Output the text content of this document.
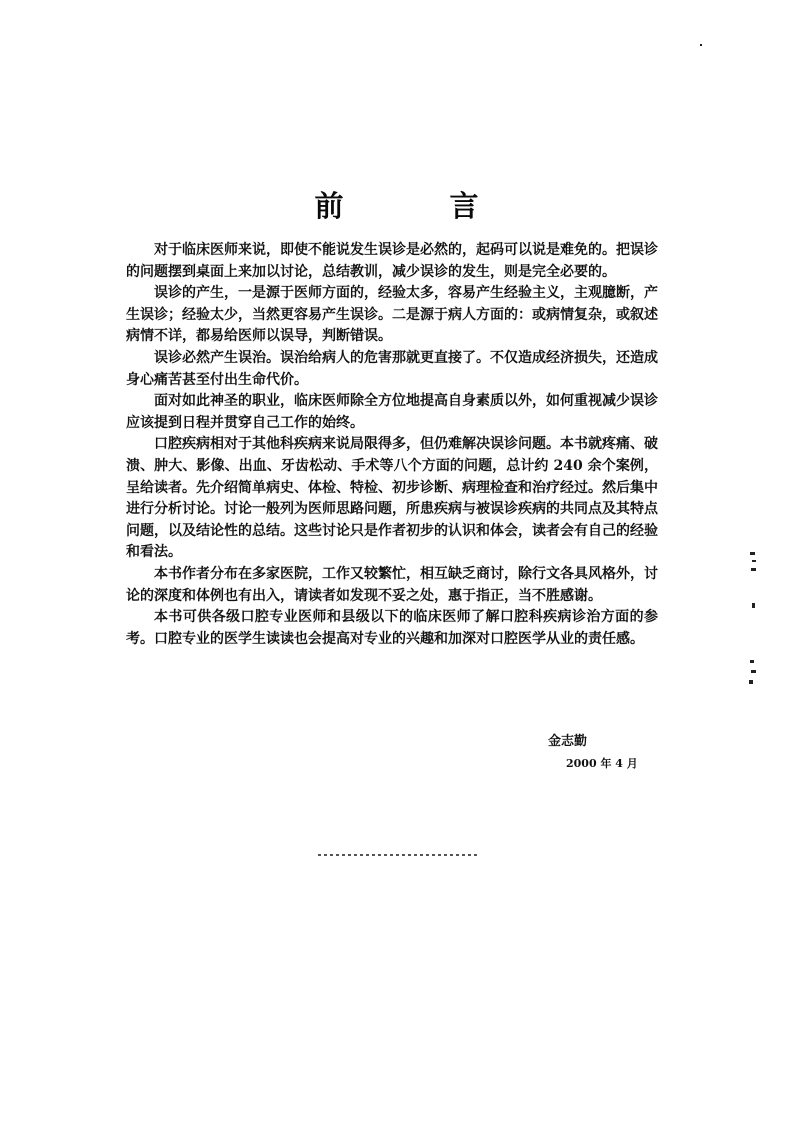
前 言

对于临床医师来说，即使不能说发生误诊是必然的，起码可以说是难免的。把误诊的问题摆到桌面上来加以讨论，总结教训，减少误诊的发生，则是完全必要的。

误诊的产生，一是源于医师方面的，经验太多，容易产生经验主义，主观臆断，产生误诊；经验太少，当然更容易产生误诊。二是源于病人方面的：或病情复杂，或叙述病情不详，都易给医师以误导，判断错误。

误诊必然产生误治。误治给病人的危害那就更直接了。不仅造成经济损失，还造成身心痛苦甚至付出生命代价。

面对如此神圣的职业，临床医师除全方位地提高自身素质以外，如何重视减少误诊应该提到日程并贯穿自己工作的始终。

口腔疾病相对于其他科疾病来说局限得多，但仍难解决误诊问题。本书就疼痛、破溃、肿大、影像、出血、牙齿松动、手术等八个方面的问题，总计约 240 余个案例，呈给读者。先介绍简单病史、体检、特检、初步诊断、病理检查和治疗经过。然后集中进行分析讨论。讨论一般列为医师思路问题，所患疾病与被误诊疾病的共同点及其特点问题，以及结论性的总结。这些讨论只是作者初步的认识和体会，读者会有自己的经验和看法。

本书作者分布在多家医院，工作又较繁忙，相互缺乏商讨，除行文各具风格外，讨论的深度和体例也有出入，请读者如发现不妥之处，惠于指正，当不胜感谢。

本书可供各级口腔专业医师和县级以下的临床医师了解口腔科疾病诊治方面的参考。口腔专业的医学生读读也会提高对专业的兴趣和加深对口腔医学从业的责任感。

金志勤

2000 年 4 月
